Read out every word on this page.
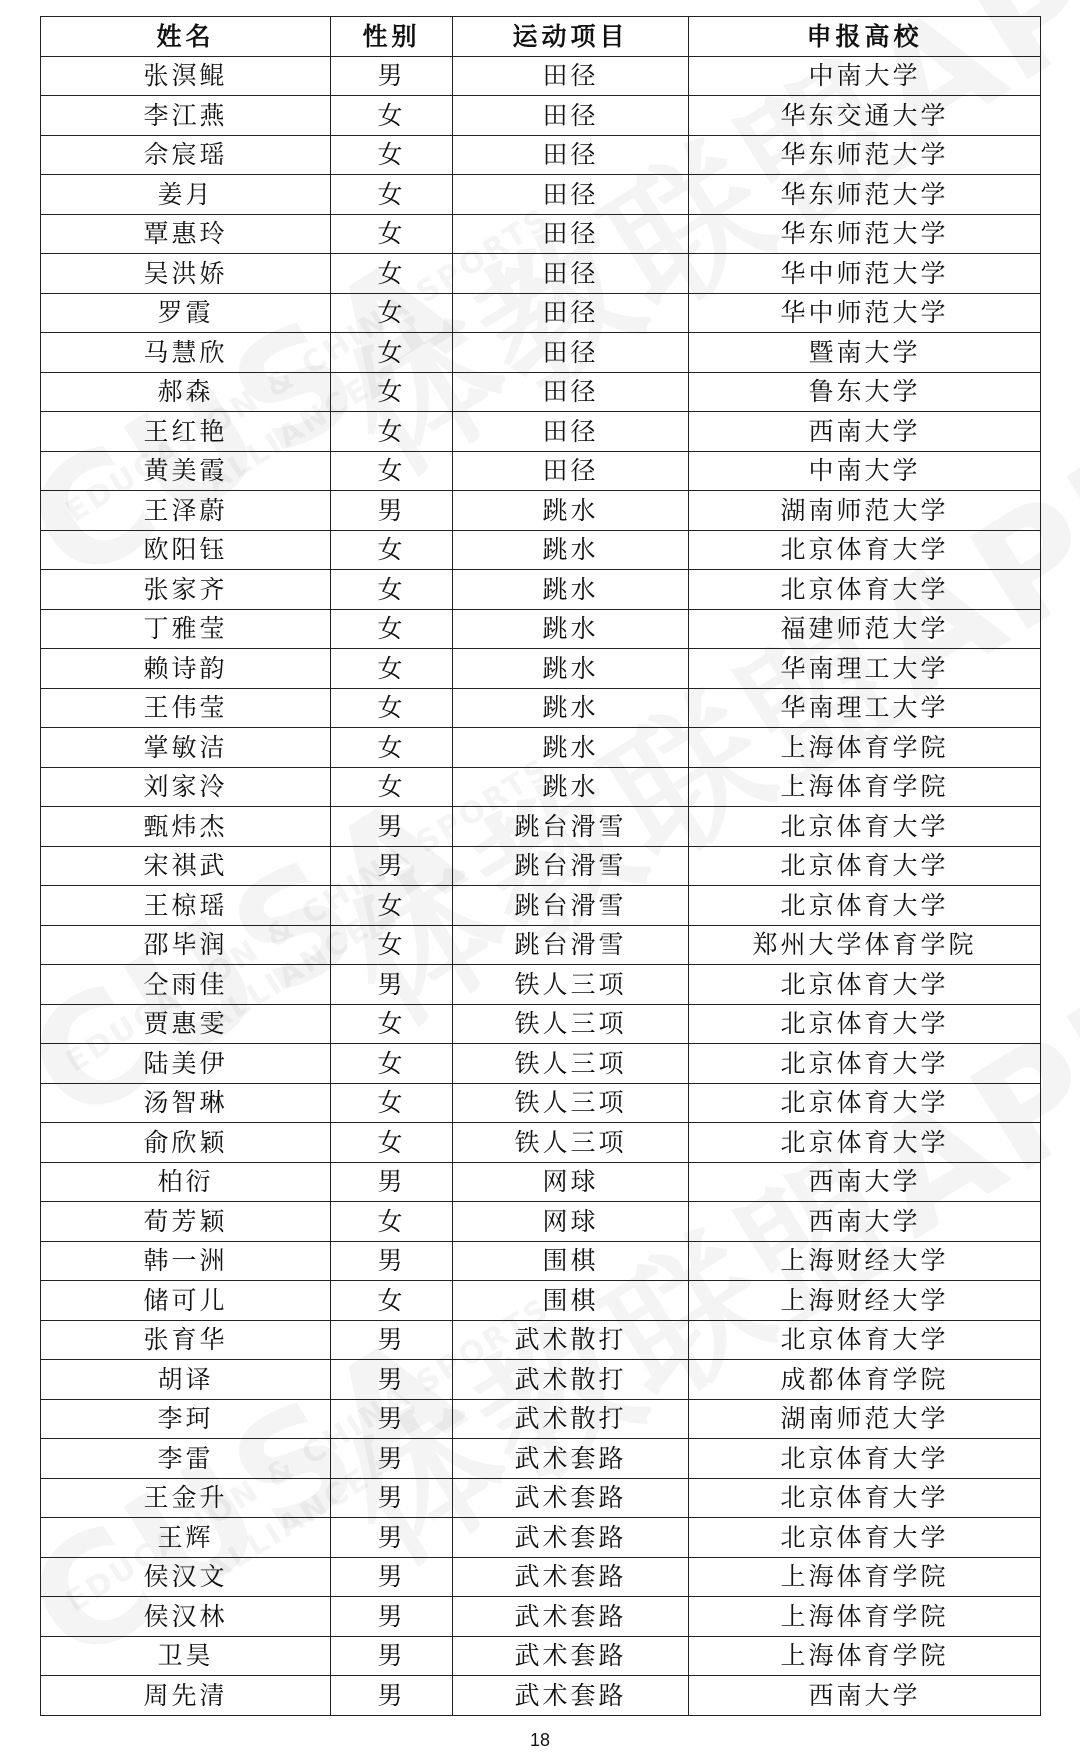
姓名	性别	运动项目	申报高校
张溟鲲	男	田径	中南大学
李江燕	女	田径	华东交通大学
佘宸瑶	女	田径	华东师范大学
姜月	女	田径	华东师范大学
覃惠玲	女	田径	华东师范大学
吴洪娇	女	田径	华中师范大学
罗霞	女	田径	华中师范大学
马慧欣	女	田径	暨南大学
郝森	女	田径	鲁东大学
王红艳	女	田径	西南大学
黄美霞	女	田径	中南大学
王泽蔚	男	跳水	湖南师范大学
欧阳钰	女	跳水	北京体育大学
张家齐	女	跳水	北京体育大学
丁雅莹	女	跳水	福建师范大学
赖诗韵	女	跳水	华南理工大学
王伟莹	女	跳水	华南理工大学
掌敏洁	女	跳水	上海体育学院
刘家泠	女	跳水	上海体育学院
甄炜杰	男	跳台滑雪	北京体育大学
宋祺武	男	跳台滑雪	北京体育大学
王椋瑶	女	跳台滑雪	北京体育大学
邵毕润	女	跳台滑雪	郑州大学体育学院
仝雨佳	男	铁人三项	北京体育大学
贾惠雯	女	铁人三项	北京体育大学
陆美伊	女	铁人三项	北京体育大学
汤智琳	女	铁人三项	北京体育大学
俞欣颖	女	铁人三项	北京体育大学
柏衍	男	网球	西南大学
荀芳颖	女	网球	西南大学
韩一洲	男	围棋	上海财经大学
储可儿	女	围棋	上海财经大学
张育华	男	武术散打	北京体育大学
胡译	男	武术散打	成都体育学院
李珂	男	武术散打	湖南师范大学
李雷	男	武术套路	北京体育大学
王金升	男	武术套路	北京体育大学
王辉	男	武术套路	北京体育大学
侯汉文	男	武术套路	上海体育学院
侯汉林	男	武术套路	上海体育学院
卫昊	男	武术套路	上海体育学院
周先清	男	武术套路	西南大学
18
